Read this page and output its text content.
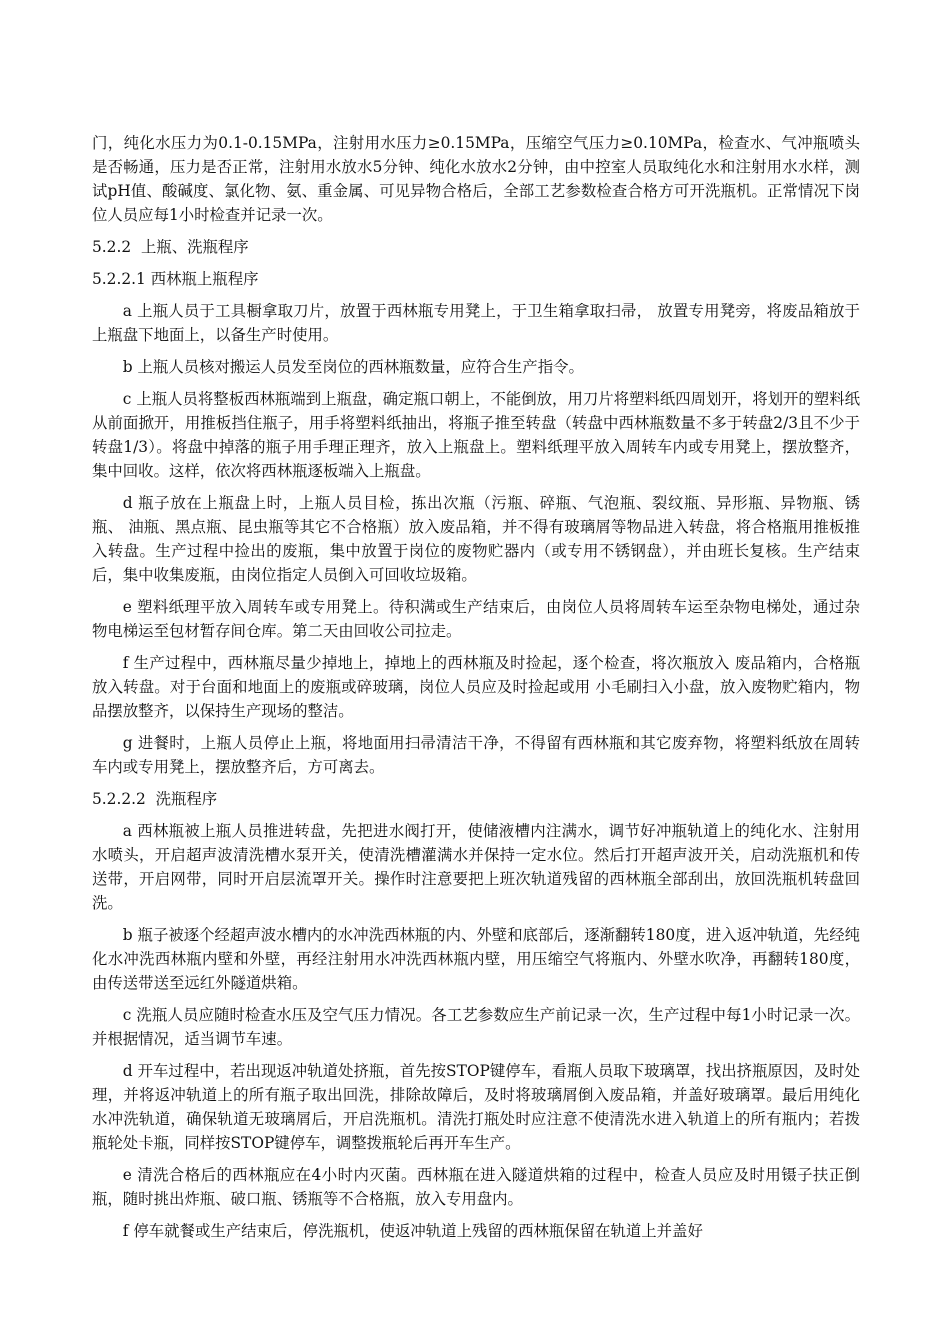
门，纯化水压力为0.1-0.15MPa，注射用水压力≥0.15MPa，压缩空气压力≥0.10MPa，检查水、气冲瓶喷头是否畅通，压力是否正常，注射用水放水5分钟、纯化水放水2分钟，由中控室人员取纯化水和注射用水水样，测试pH值、酸碱度、氯化物、氨、重金属、可见异物合格后，全部工艺参数检查合格方可开洗瓶机。正常情况下岗位人员应每1小时检查并记录一次。

5.2.2  上瓶、洗瓶程序

5.2.2.1 西林瓶上瓶程序

a 上瓶人员于工具橱拿取刀片，放置于西林瓶专用凳上，于卫生箱拿取扫帚， 放置专用凳旁，将废品箱放于上瓶盘下地面上，以备生产时使用。

b 上瓶人员核对搬运人员发至岗位的西林瓶数量，应符合生产指令。

c 上瓶人员将整板西林瓶端到上瓶盘，确定瓶口朝上，不能倒放，用刀片将塑料纸四周划开，将划开的塑料纸从前面掀开，用推板挡住瓶子，用手将塑料纸抽出，将瓶子推至转盘（转盘中西林瓶数量不多于转盘2/3且不少于转盘1/3）。将盘中掉落的瓶子用手理正理齐，放入上瓶盘上。塑料纸理平放入周转车内或专用凳上，摆放整齐，集中回收。这样，依次将西林瓶逐板端入上瓶盘。

d 瓶子放在上瓶盘上时，上瓶人员目检，拣出次瓶（污瓶、碎瓶、气泡瓶、裂纹瓶、异形瓶、异物瓶、锈瓶、 油瓶、黑点瓶、昆虫瓶等其它不合格瓶）放入废品箱，并不得有玻璃屑等物品进入转盘，将合格瓶用推板推入转盘。生产过程中捡出的废瓶，集中放置于岗位的废物贮器内（或专用不锈钢盘），并由班长复核。生产结束后，集中收集废瓶，由岗位指定人员倒入可回收垃圾箱。

e 塑料纸理平放入周转车或专用凳上。待积满或生产结束后，由岗位人员将周转车运至杂物电梯处，通过杂物电梯运至包材暂存间仓库。第二天由回收公司拉走。

f 生产过程中，西林瓶尽量少掉地上，掉地上的西林瓶及时捡起，逐个检查，将次瓶放入 废品箱内，合格瓶放入转盘。对于台面和地面上的废瓶或碎玻璃，岗位人员应及时捡起或用 小毛刷扫入小盘，放入废物贮箱内，物品摆放整齐，以保持生产现场的整洁。

g 进餐时，上瓶人员停止上瓶，将地面用扫帚清洁干净，不得留有西林瓶和其它废弃物，将塑料纸放在周转车内或专用凳上，摆放整齐后，方可离去。

5.2.2.2  洗瓶程序

a 西林瓶被上瓶人员推进转盘，先把进水阀打开，使储液槽内注满水，调节好冲瓶轨道上的纯化水、注射用水喷头，开启超声波清洗槽水泵开关，使清洗槽灌满水并保持一定水位。然后打开超声波开关，启动洗瓶机和传送带，开启网带，同时开启层流罩开关。操作时注意要把上班次轨道残留的西林瓶全部刮出，放回洗瓶机转盘回洗。

b 瓶子被逐个经超声波水槽内的水冲洗西林瓶的内、外壁和底部后，逐渐翻转180度，进入返冲轨道，先经纯化水冲洗西林瓶内壁和外壁，再经注射用水冲洗西林瓶内壁，用压缩空气将瓶内、外壁水吹净，再翻转180度，由传送带送至远红外隧道烘箱。

c 洗瓶人员应随时检查水压及空气压力情况。各工艺参数应生产前记录一次，生产过程中每1小时记录一次。并根据情况，适当调节车速。

d 开车过程中，若出现返冲轨道处挤瓶，首先按STOP键停车，看瓶人员取下玻璃罩，找出挤瓶原因，及时处理，并将返冲轨道上的所有瓶子取出回洗，排除故障后，及时将玻璃屑倒入废品箱，并盖好玻璃罩。最后用纯化水冲洗轨道，确保轨道无玻璃屑后，开启洗瓶机。清洗打瓶处时应注意不使清洗水进入轨道上的所有瓶内；若拨瓶轮处卡瓶，同样按STOP键停车，调整拨瓶轮后再开车生产。

e 清洗合格后的西林瓶应在4小时内灭菌。西林瓶在进入隧道烘箱的过程中，检查人员应及时用镊子扶正倒瓶，随时挑出炸瓶、破口瓶、锈瓶等不合格瓶，放入专用盘内。

f 停车就餐或生产结束后，停洗瓶机，使返冲轨道上残留的西林瓶保留在轨道上并盖好
